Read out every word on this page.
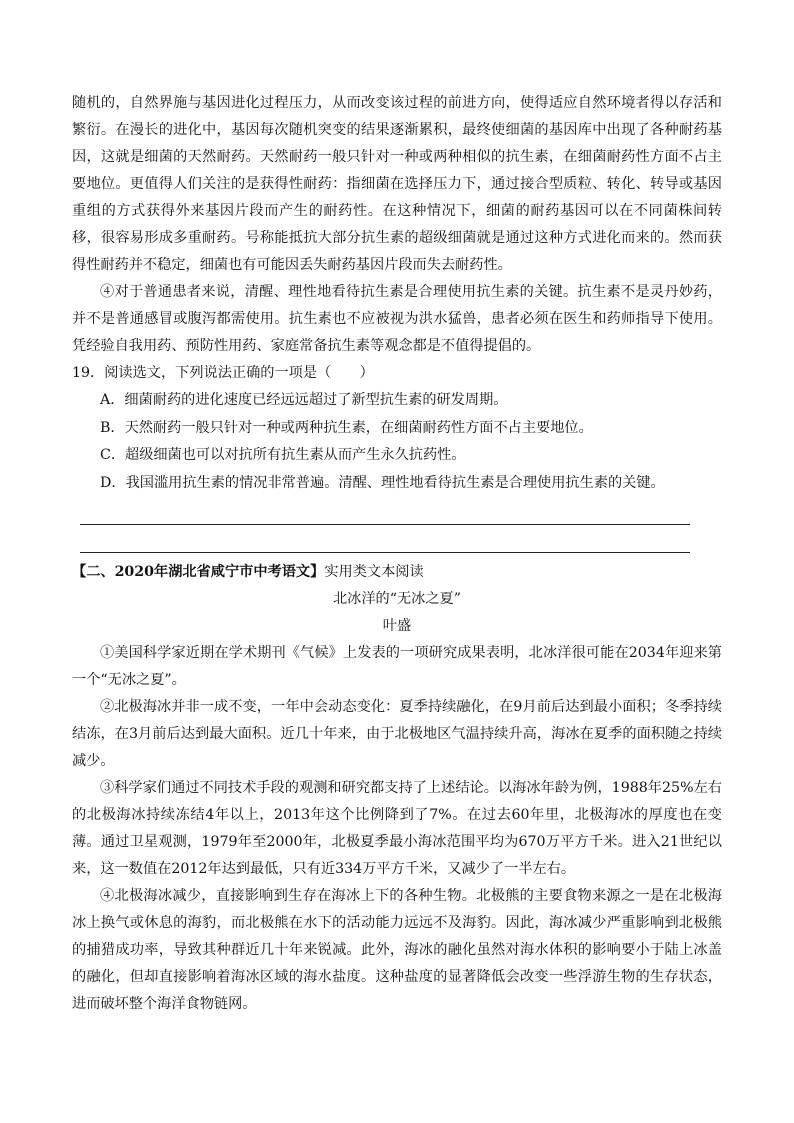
随机的，自然界施与基因进化过程压力，从而改变该过程的前进方向，使得适应自然环境者得以存活和繁衍。在漫长的进化中，基因每次随机突变的结果逐渐累积，最终使细菌的基因库中出现了各种耐药基因，这就是细菌的天然耐药。天然耐药一般只针对一种或两种相似的抗生素，在细菌耐药性方面不占主要地位。更值得人们关注的是获得性耐药：指细菌在选择压力下，通过接合型质粒、转化、转导或基因重组的方式获得外来基因片段而产生的耐药性。在这种情况下，细菌的耐药基因可以在不同菌株间转移，很容易形成多重耐药。号称能抵抗大部分抗生素的超级细菌就是通过这种方式进化而来的。然而获得性耐药并不稳定，细菌也有可能因丢失耐药基因片段而失去耐药性。

④对于普通患者来说，清醒、理性地看待抗生素是合理使用抗生素的关键。抗生素不是灵丹妙药，并不是普通感冒或腹泻都需使用。抗生素也不应被视为洪水猛兽，患者必须在医生和药师指导下使用。凭经验自我用药、预防性用药、家庭常备抗生素等观念都是不值得提倡的。

19．阅读选文，下列说法正确的一项是（　　）

A．细菌耐药的进化速度已经远远超过了新型抗生素的研发周期。

B．天然耐药一般只针对一种或两种抗生素，在细菌耐药性方面不占主要地位。

C．超级细菌也可以对抗所有抗生素从而产生永久抗药性。

D．我国滥用抗生素的情况非常普遍。清醒、理性地看待抗生素是合理使用抗生素的关键。

【二、2020年湖北省咸宁市中考语文】实用类文本阅读

北冰洋的“无冰之夏”

叶盛

①美国科学家近期在学术期刊《气候》上发表的一项研究成果表明，北冰洋很可能在2034年迎来第一个“无冰之夏”。

②北极海冰并非一成不变，一年中会动态变化：夏季持续融化，在9月前后达到最小面积；冬季持续结冻，在3月前后达到最大面积。近几十年来，由于北极地区气温持续升高，海冰在夏季的面积随之持续减少。

③科学家们通过不同技术手段的观测和研究都支持了上述结论。以海冰年龄为例，1988年25%左右的北极海冰持续冻结4年以上，2013年这个比例降到了7%。在过去60年里，北极海冰的厚度也在变薄。通过卫星观测，1979年至2000年，北极夏季最小海冰范围平均为670万平方千米。进入21世纪以来，这一数值在2012年达到最低，只有近334万平方千米，又减少了一半左右。

④北极海冰减少，直接影响到生存在海冰上下的各种生物。北极熊的主要食物来源之一是在北极海冰上换气或休息的海豹，而北极熊在水下的活动能力远远不及海豹。因此，海冰减少严重影响到北极熊的捕猎成功率，导致其种群近几十年来锐减。此外，海冰的融化虽然对海水体积的影响要小于陆上冰盖的融化，但却直接影响着海冰区域的海水盐度。这种盐度的显著降低会改变一些浮游生物的生存状态，进而破坏整个海洋食物链网。
